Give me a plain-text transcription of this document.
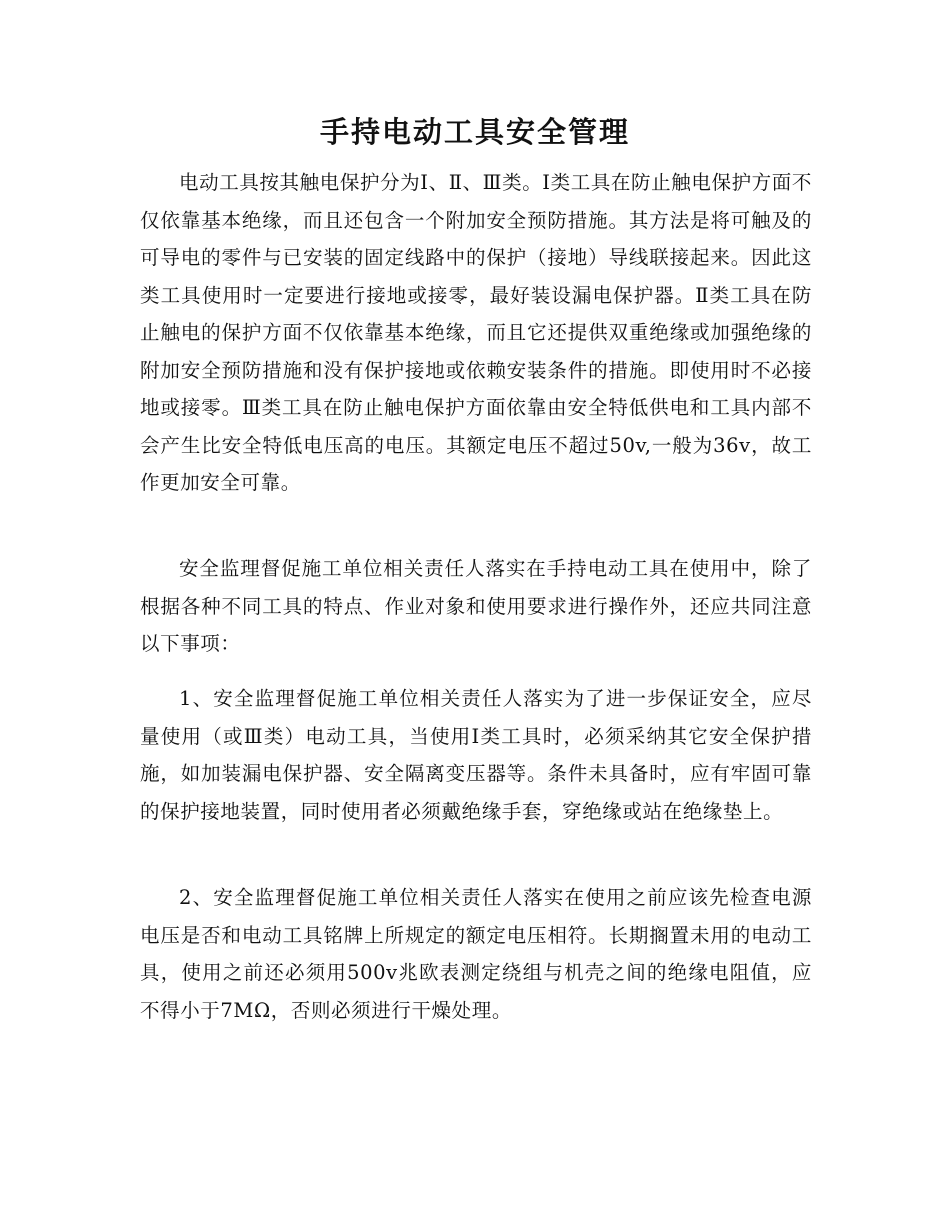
手持电动工具安全管理

电动工具按其触电保护分为Ⅰ、Ⅱ、Ⅲ类。Ⅰ类工具在防止触电保护方面不仅依靠基本绝缘，而且还包含一个附加安全预防措施。其方法是将可触及的可导电的零件与已安装的固定线路中的保护（接地）导线联接起来。因此这类工具使用时一定要进行接地或接零，最好装设漏电保护器。Ⅱ类工具在防止触电的保护方面不仅依靠基本绝缘，而且它还提供双重绝缘或加强绝缘的附加安全预防措施和没有保护接地或依赖安装条件的措施。即使用时不必接地或接零。Ⅲ类工具在防止触电保护方面依靠由安全特低供电和工具内部不会产生比安全特低电压高的电压。其额定电压不超过50v,一般为36v，故工作更加安全可靠。

安全监理督促施工单位相关责任人落实在手持电动工具在使用中，除了根据各种不同工具的特点、作业对象和使用要求进行操作外，还应共同注意以下事项：

1、安全监理督促施工单位相关责任人落实为了进一步保证安全，应尽量使用（或Ⅲ类）电动工具，当使用Ⅰ类工具时，必须采纳其它安全保护措施，如加装漏电保护器、安全隔离变压器等。条件未具备时，应有牢固可靠的保护接地装置，同时使用者必须戴绝缘手套，穿绝缘或站在绝缘垫上。

2、安全监理督促施工单位相关责任人落实在使用之前应该先检查电源电压是否和电动工具铭牌上所规定的额定电压相符。长期搁置未用的电动工具，使用之前还必须用500v兆欧表测定绕组与机壳之间的绝缘电阻值，应不得小于7MΩ，否则必须进行干燥处理。
